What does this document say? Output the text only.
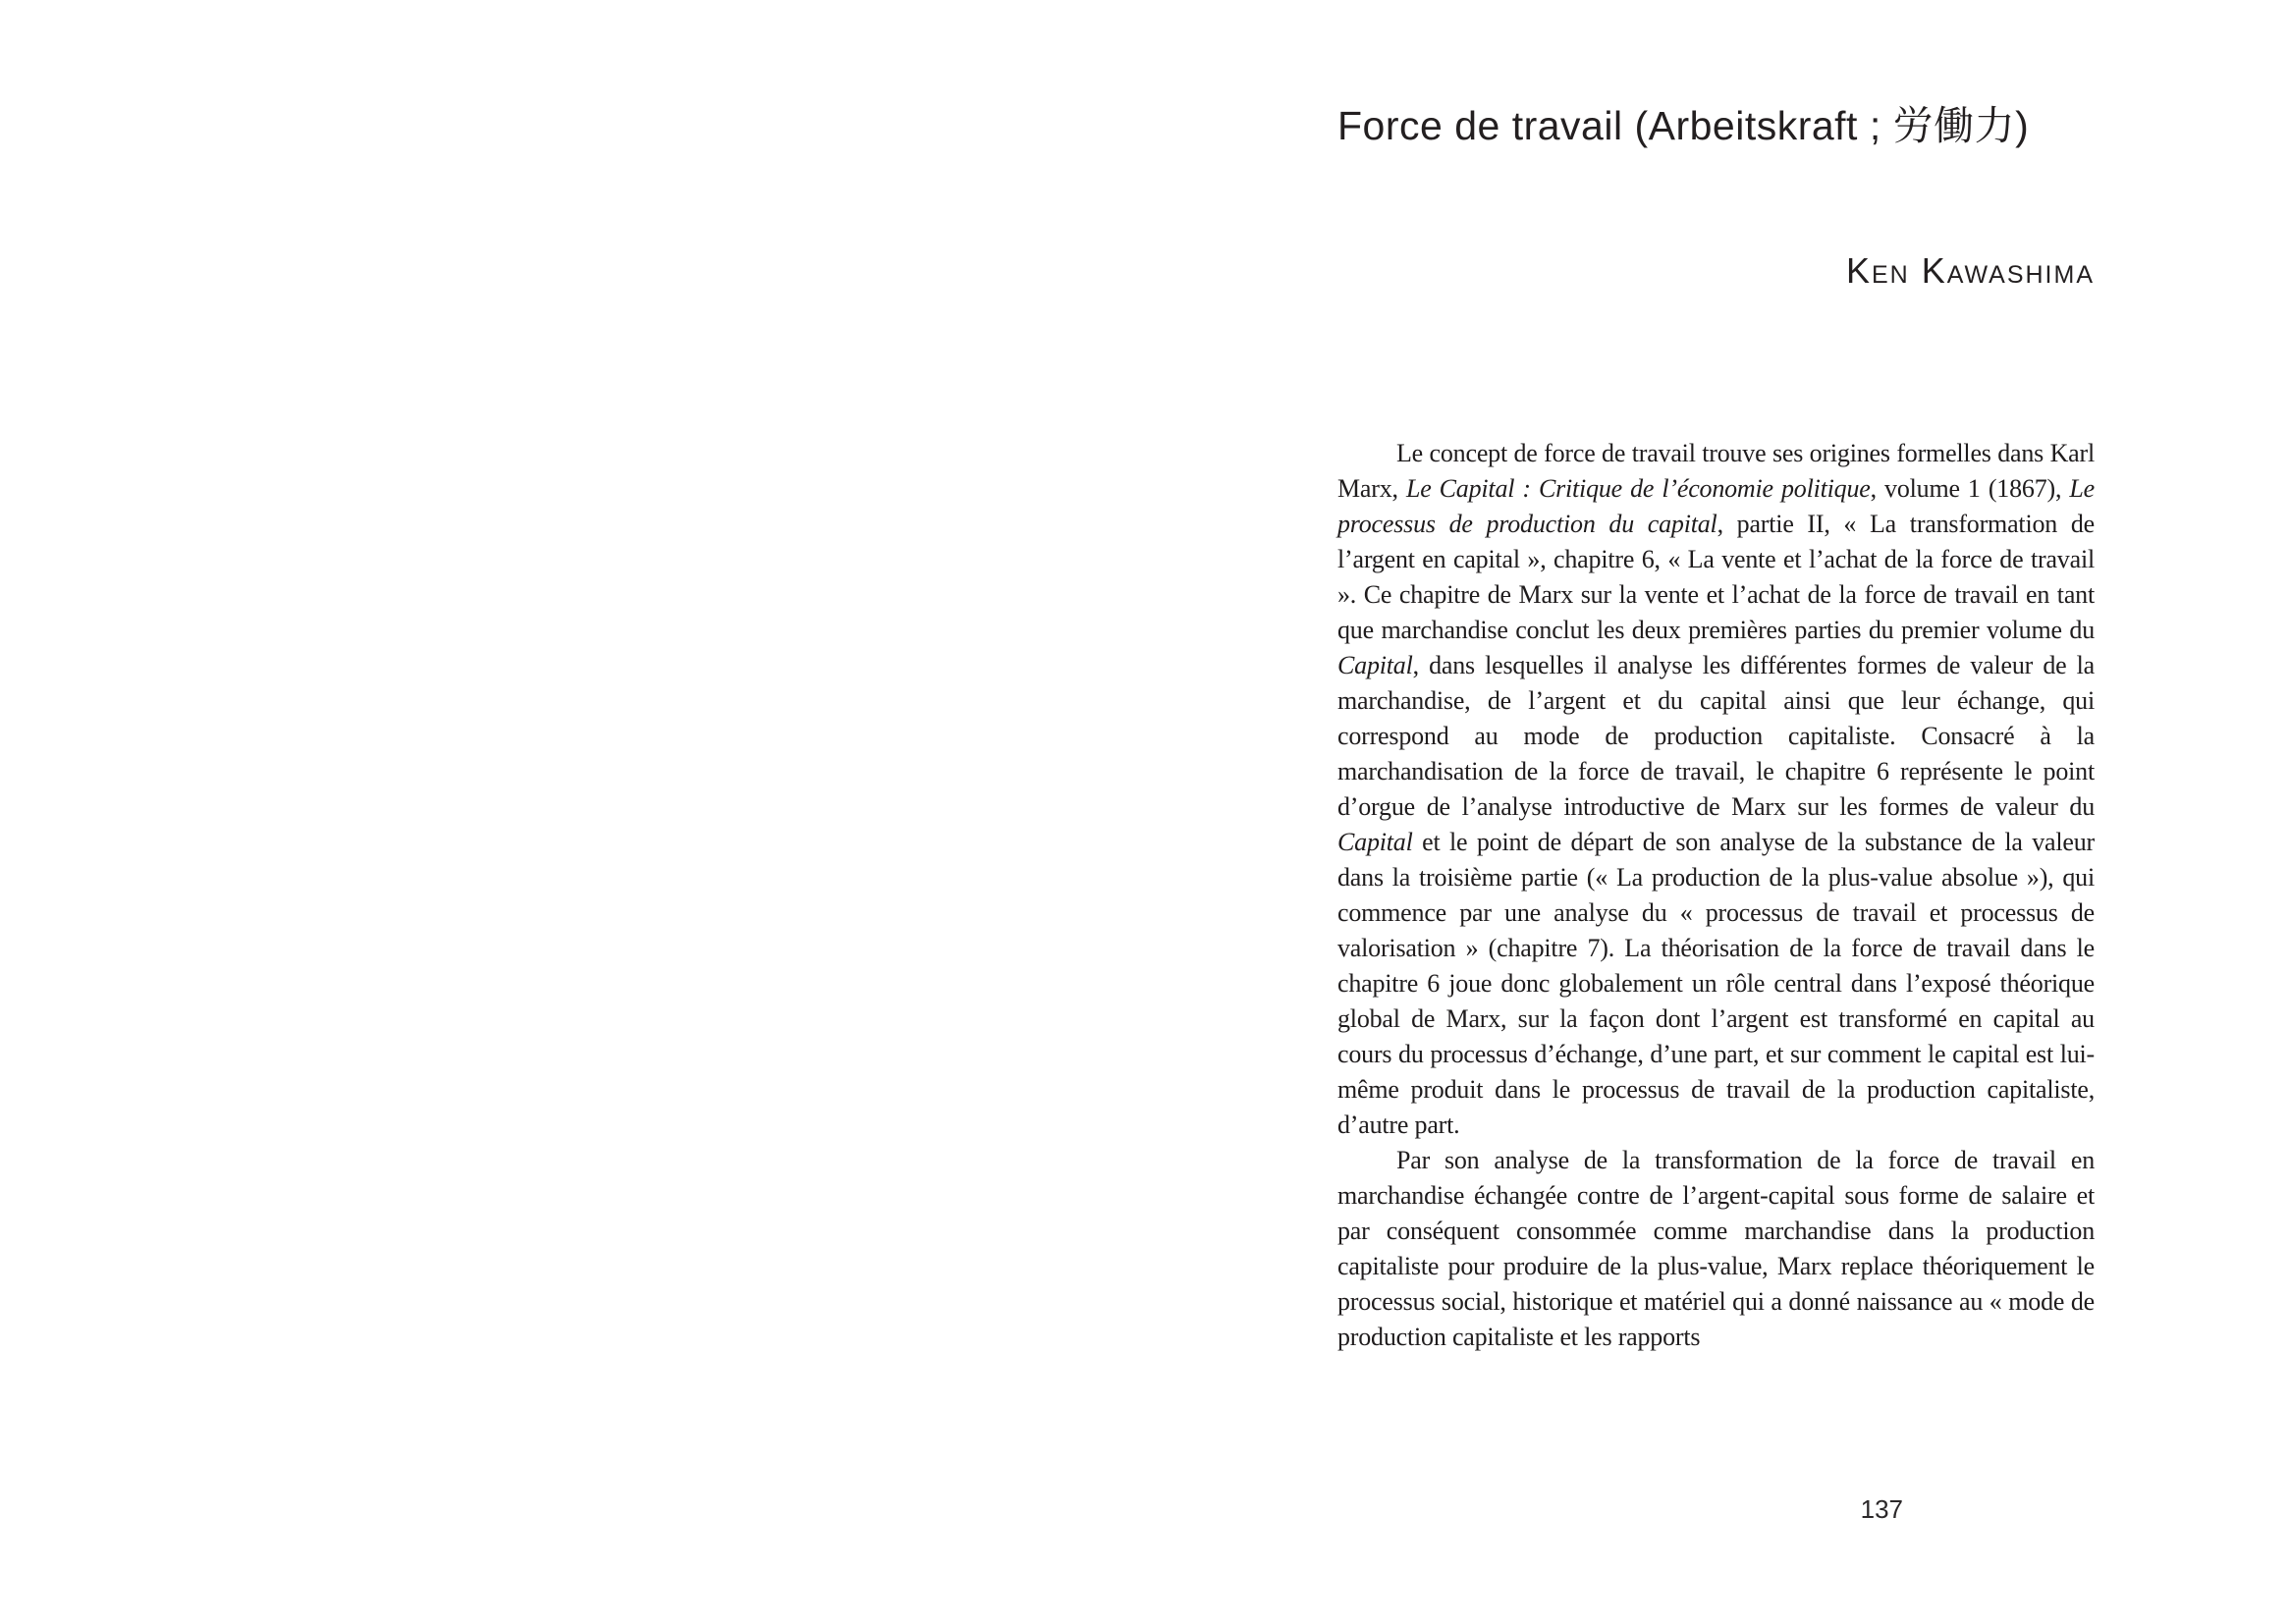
Force de travail (Arbeitskraft ; 労働力)
Ken Kawashima

Le concept de force de travail trouve ses origines formelles dans Karl Marx, Le Capital : Critique de l’économie politique, volume 1 (1867), Le processus de production du capital, partie II, « La transformation de l’argent en capital », chapitre 6, « La vente et l’achat de la force de travail ». Ce chapitre de Marx sur la vente et l’achat de la force de travail en tant que marchandise conclut les deux premières parties du premier volume du Capital, dans lesquelles il analyse les différentes formes de valeur de la marchandise, de l’argent et du capital ainsi que leur échange, qui correspond au mode de production capitaliste. Consacré à la marchandisation de la force de travail, le chapitre 6 représente le point d’orgue de l’analyse introductive de Marx sur les formes de valeur du Capital et le point de départ de son analyse de la substance de la valeur dans la troisième partie (« La production de la plus-value absolue »), qui commence par une analyse du « processus de travail et processus de valorisation » (chapitre 7). La théorisation de la force de travail dans le chapitre 6 joue donc globalement un rôle central dans l’exposé théorique global de Marx, sur la façon dont l’argent est transformé en capital au cours du processus d’échange, d’une part, et sur comment le capital est lui-même produit dans le processus de travail de la production capitaliste, d’autre part.

Par son analyse de la transformation de la force de travail en marchandise échangée contre de l’argent-capital sous forme de salaire et par conséquent consommée comme marchandise dans la production capitaliste pour produire de la plus-value, Marx replace théoriquement le processus social, historique et matériel qui a donné naissance au « mode de production capitaliste et les rapports

137
